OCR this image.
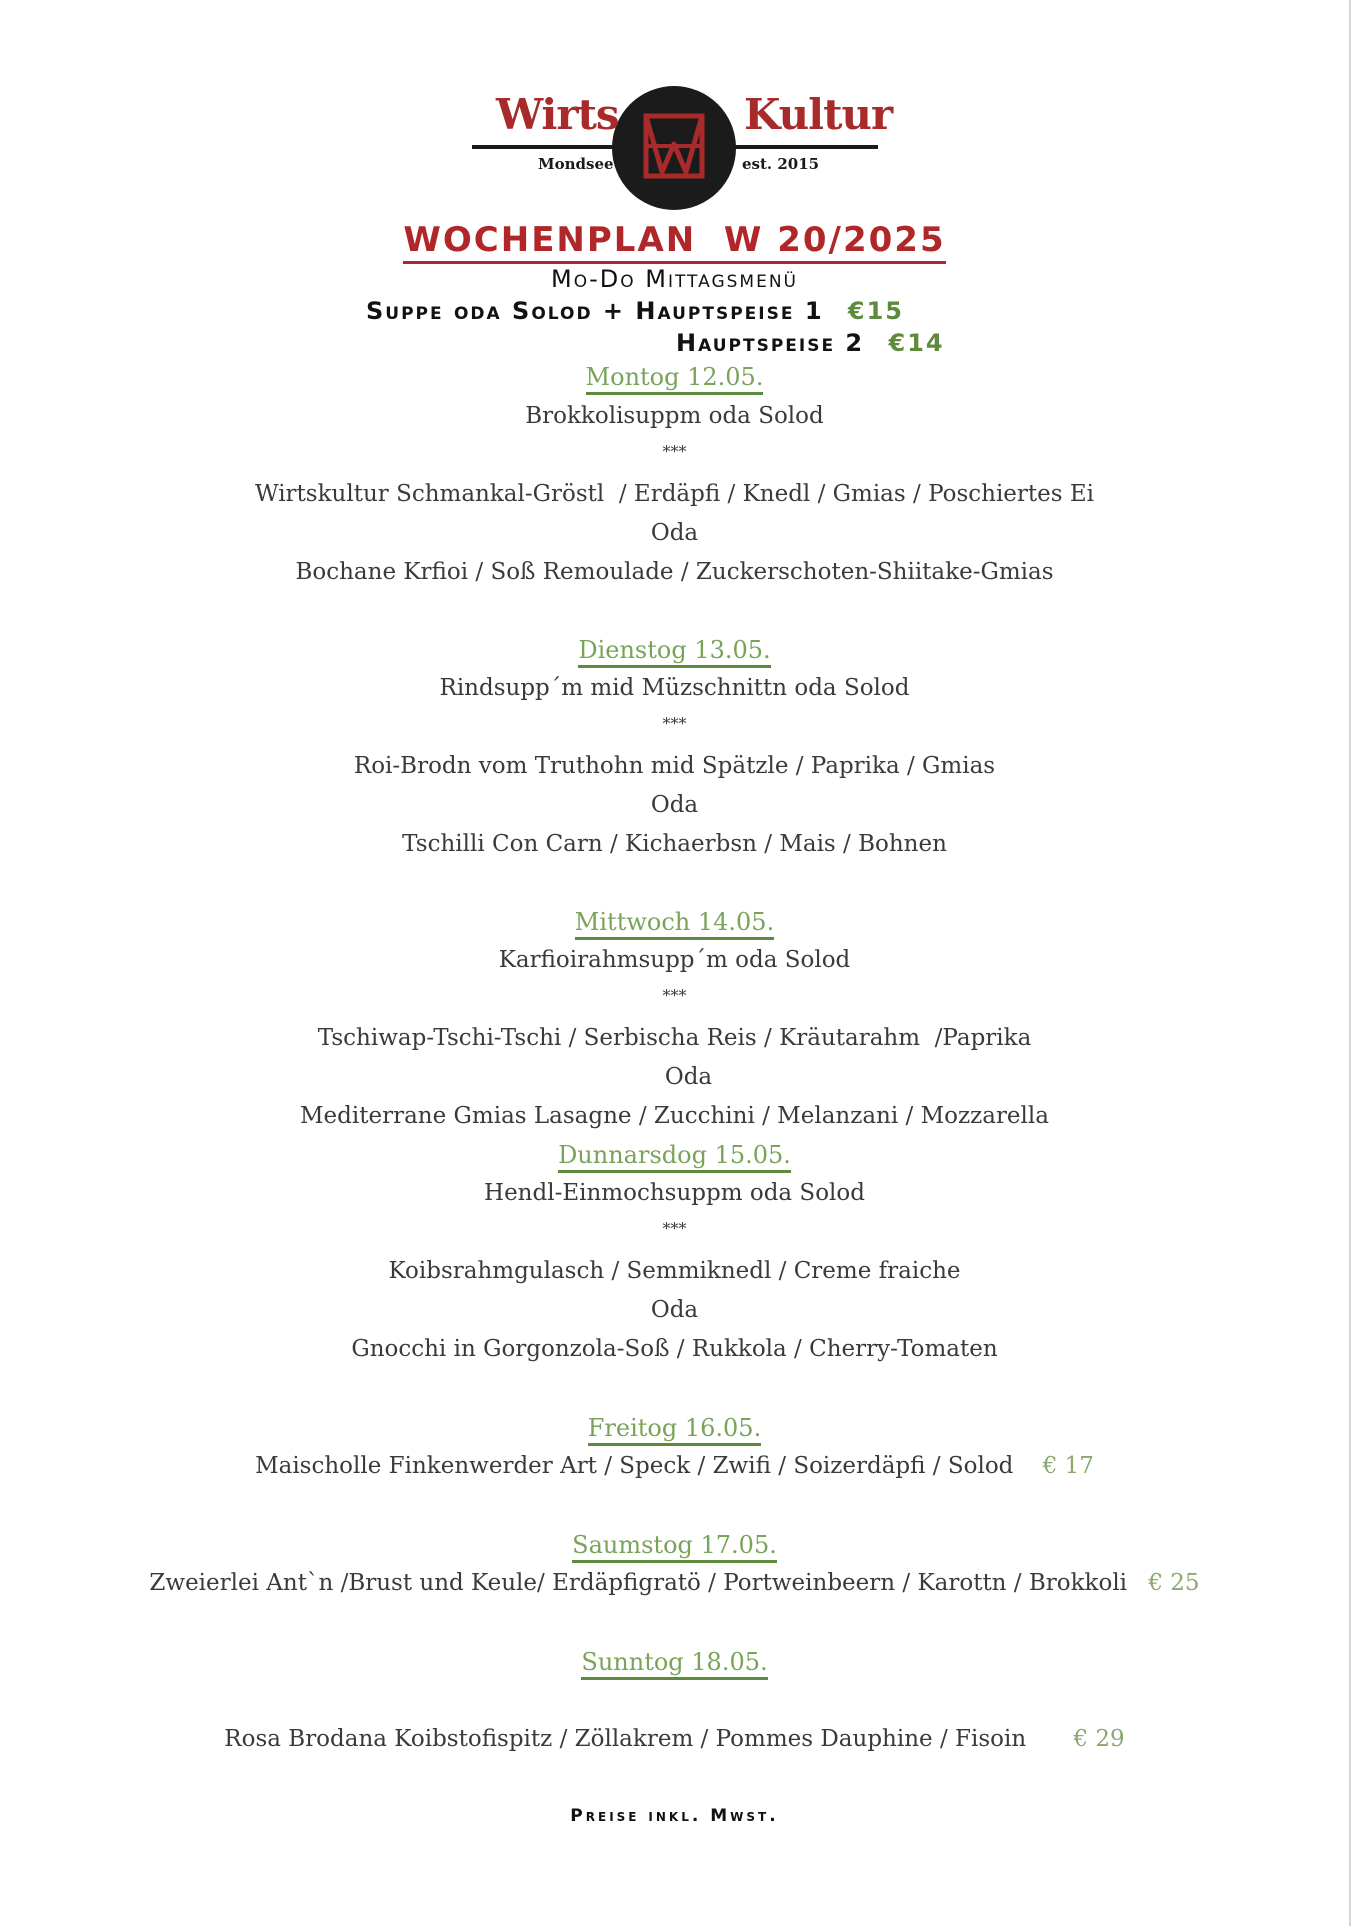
Wirts	Kultur
Mondsee	est. 2015
WOCHENPLAN  W 20/2025
Mo-Do Mittagsmenü
Suppe oda Solod + Hauptspeise 1 €15
Hauptspeise 2 €14
Montog 12.05.
Brokkolisuppm oda Solod
***
Wirtskultur Schmankal-Gröstl  / Erdäpfi / Knedl / Gmias / Poschiertes Ei
Oda
Bochane Krfioi / Soß Remoulade / Zuckerschoten-Shiitake-Gmias
Dienstog 13.05.
Rindsupp´m mid Müzschnittn oda Solod
***
Roi-Brodn vom Truthohn mid Spätzle / Paprika / Gmias
Oda
Tschilli Con Carn / Kichaerbsn / Mais / Bohnen
Mittwoch 14.05.
Karfioirahmsupp´m oda Solod
***
Tschiwap-Tschi-Tschi / Serbischa Reis / Kräutarahm  /Paprika
Oda
Mediterrane Gmias Lasagne / Zucchini / Melanzani / Mozzarella
Dunnarsdog 15.05.
Hendl-Einmochsuppm oda Solod
***
Koibsrahmgulasch / Semmiknedl / Creme fraiche
Oda
Gnocchi in Gorgonzola-Soß / Rukkola / Cherry-Tomaten
Freitog 16.05.
Maischolle Finkenwerder Art / Speck / Zwifi / Soizerdäpfi / Solod € 17
Saumstog 17.05.
Zweierlei Ant`n /Brust und Keule/ Erdäpfigratö / Portweinbeern / Karottn / Brokkoli € 25
Sunntog 18.05.
Rosa Brodana Koibstofispitz / Zöllakrem / Pommes Dauphine / Fisoin € 29
Preise inkl. Mwst.
